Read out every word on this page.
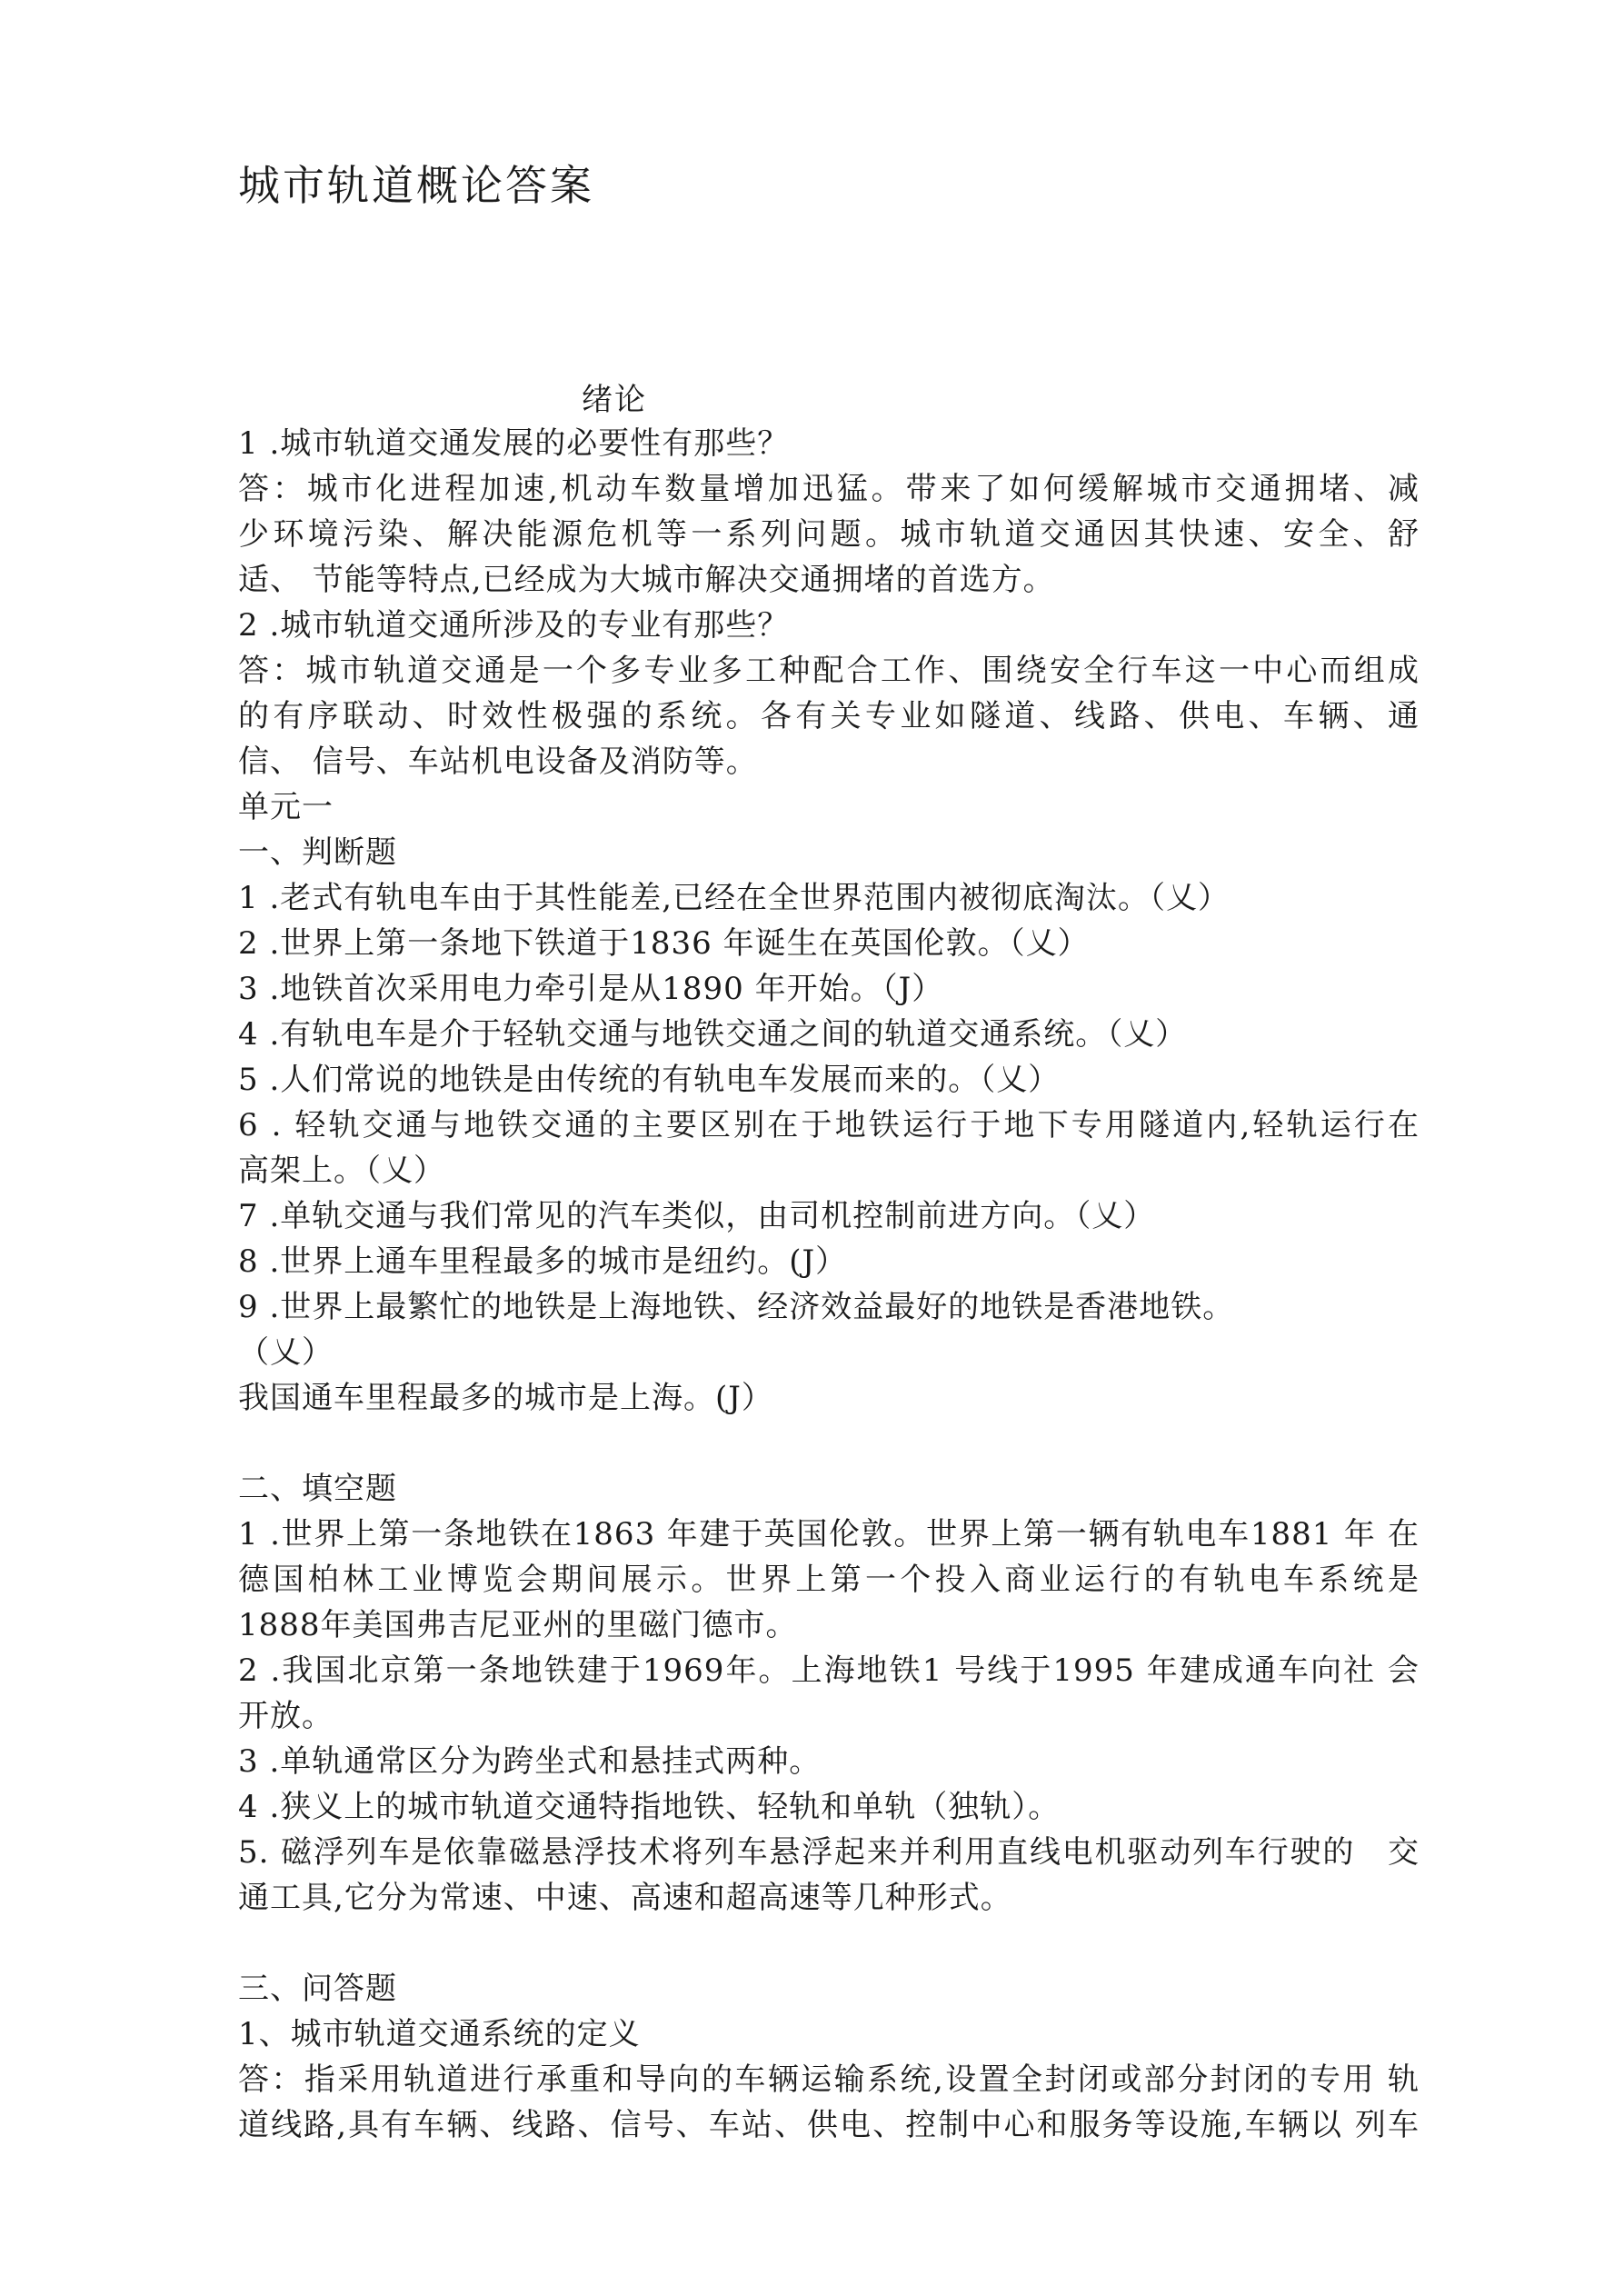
城市轨道概论答案
绪论
1 .城市轨道交通发展的必要性有那些？
答：城市化进程加速,机动车数量增加迅猛。带来了如何缓解城市交通拥堵、减
少环境污染、解决能源危机等一系列问题。城市轨道交通因其快速、安全、舒
适、 节能等特点,已经成为大城市解决交通拥堵的首选方。
2 .城市轨道交通所涉及的专业有那些？
答：城市轨道交通是一个多专业多工种配合工作、围绕安全行车这一中心而组成
的有序联动、时效性极强的系统。各有关专业如隧道、线路、供电、车辆、通
信、 信号、车站机电设备及消防等。
单元一
一、判断题
1 .老式有轨电车由于其性能差,已经在全世界范围内被彻底淘汰。（乂）
2 .世界上第一条地下铁道于1836 年诞生在英国伦敦。（乂）
3 .地铁首次采用电力牵引是从1890 年开始。（J）
4 .有轨电车是介于轻轨交通与地铁交通之间的轨道交通系统。（乂）
5 .人们常说的地铁是由传统的有轨电车发展而来的。（乂）
6 . 轻轨交通与地铁交通的主要区别在于地铁运行于地下专用隧道内,轻轨运行在
高架上。（乂）
7 .单轨交通与我们常见的汽车类似，由司机控制前进方向。（乂）
8 .世界上通车里程最多的城市是纽约。(J）
9 .世界上最繁忙的地铁是上海地铁、经济效益最好的地铁是香港地铁。
（乂）
我国通车里程最多的城市是上海。(J）
二、填空题
1 .世界上第一条地铁在1863 年建于英国伦敦。世界上第一辆有轨电车1881 年 在
德国柏林工业博览会期间展示。世界上第一个投入商业运行的有轨电车系统是
1888年美国弗吉尼亚州的里磁门德市。
2 .我国北京第一条地铁建于1969年。上海地铁1 号线于1995 年建成通车向社 会
开放。
3 .单轨通常区分为跨坐式和悬挂式两种。
4 .狭义上的城市轨道交通特指地铁、轻轨和单轨（独轨）。
5. 磁浮列车是依靠磁悬浮技术将列车悬浮起来并利用直线电机驱动列车行驶的　交
通工具,它分为常速、中速、高速和超高速等几种形式。
三、问答题
1、城市轨道交通系统的定义
答：指采用轨道进行承重和导向的车辆运输系统,设置全封闭或部分封闭的专用 轨
道线路,具有车辆、线路、信号、车站、供电、控制中心和服务等设施,车辆以 列车
